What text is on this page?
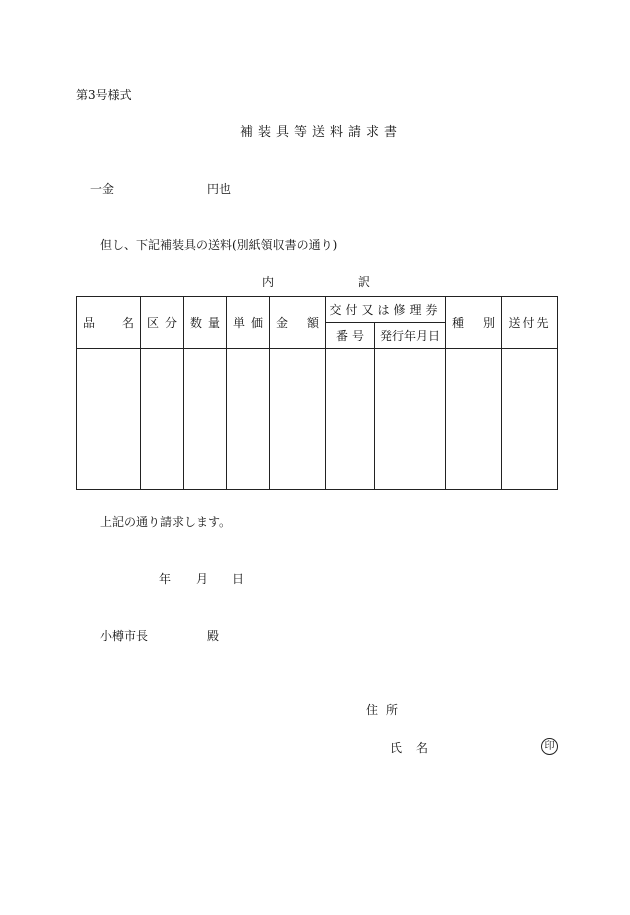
第3号様式
補装具等送料請求書
一金	円也
但し、下記補装具の送料(別紙領収書の通り)
内	訳
品 名	区 分	数 量	単 価	金 額	交付又は修理券		種 別	送付先

					番 号	発行年月日		

上記の通り請求します。
年 月 日
小樽市長	殿
住所
氏名	印
